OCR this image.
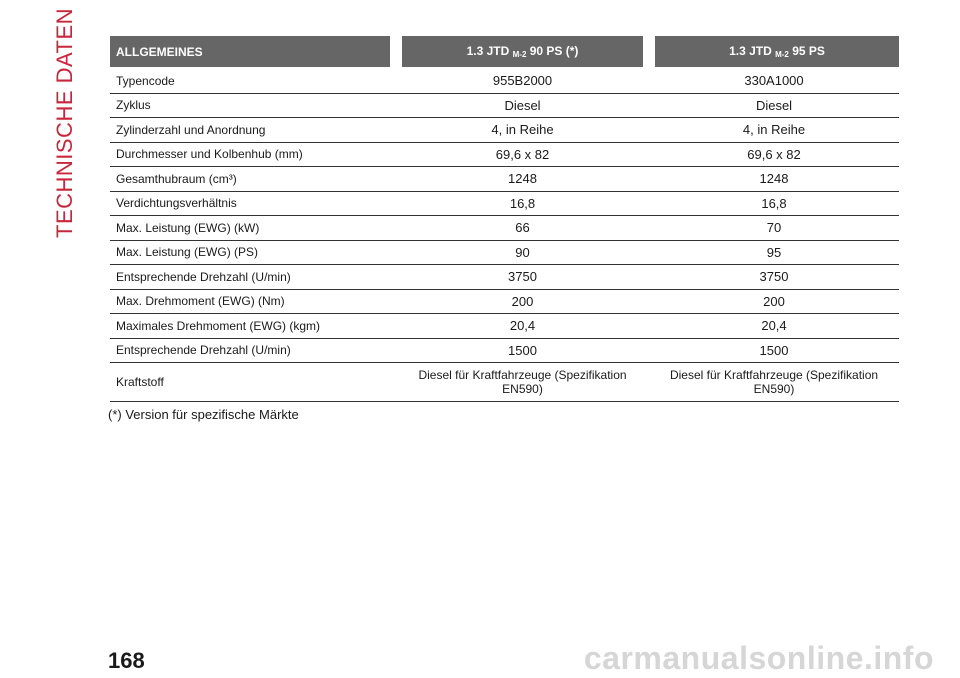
TECHNISCHE DATEN	ALLGEMEINES	1.3 JTD $_{M-2}$ 90 PS (*)	1.3 JTD $_{M-2}$ 95 PS
Typencode	955B2000	330A1000
Zyklus	Diesel	Diesel
Zylinderzahl und Anordnung	4, in Reihe	4, in Reihe
Durchmesser und Kolbenhub (mm)	69,6 x 82	69,6 x 82
Gesamthubraum (cm³)	1248	1248
Verdichtungsverhältnis	16,8	16,8
Max. Leistung (EWG) (kW)	66	70
Max. Leistung (EWG) (PS)	90	95
Entsprechende Drehzahl (U/min)	3750	3750
Max. Drehmoment (EWG) (Nm)	200	200
Maximales Drehmoment (EWG) (kgm)	20,4	20,4
Entsprechende Drehzahl (U/min)	1500	1500
Kraftstoff	Diesel für Kraftfahrzeuge (Spezifikation EN590)	Diesel für Kraftfahrzeuge (Spezifikation EN590)
(*) Version für spezifische Märkte
168	carmanualsonline.info
